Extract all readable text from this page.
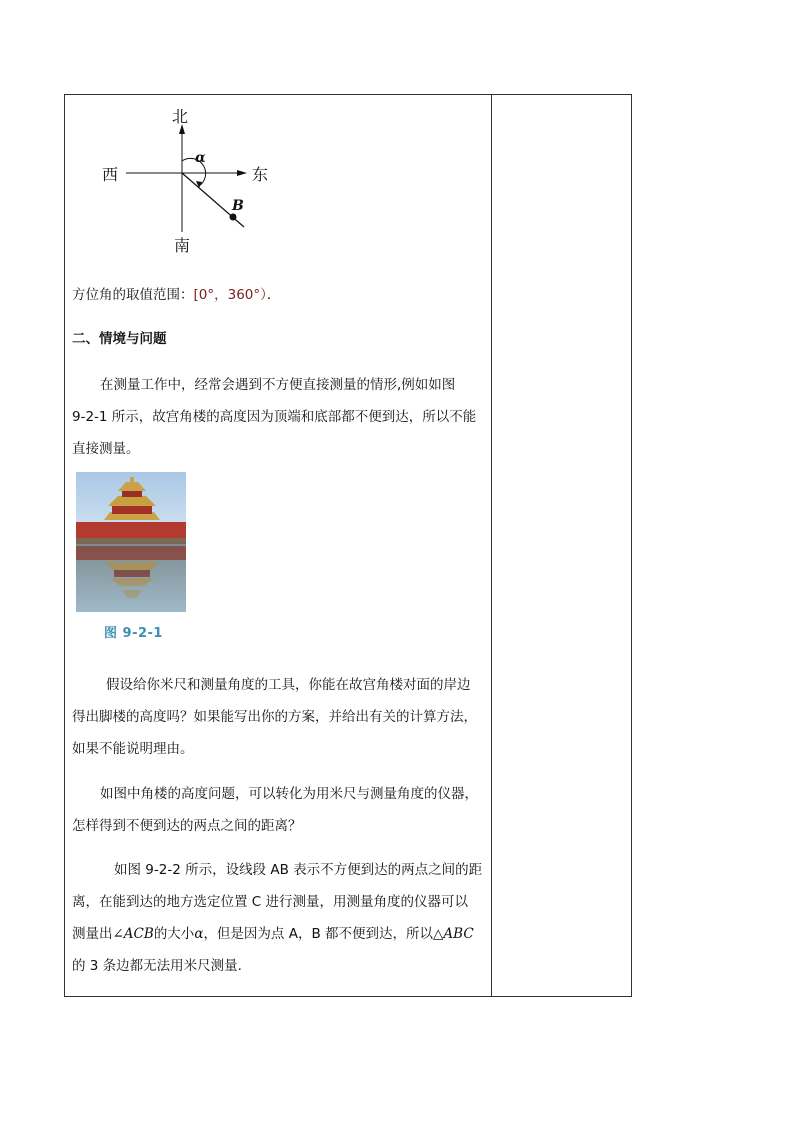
北
西	东
南
α
B

方位角的取值范围：[0°，360°）．

二、情境与问题

在测量工作中，经常会遇到不方便直接测量的情形,例如如图
9-2-1 所示，故宫角楼的高度因为顶端和底部都不便到达，所以不能
直接测量。

图 9-2-1

假设给你米尺和测量角度的工具，你能在故宫角楼对面的岸边
得出脚楼的高度吗？如果能写出你的方案，并给出有关的计算方法，
如果不能说明理由。

如图中角楼的高度问题，可以转化为用米尺与测量角度的仪器，
怎样得到不便到达的两点之间的距离？

如图 9-2-2 所示，设线段 AB 表示不方便到达的两点之间的距
离，在能到达的地方选定位置 C 进行测量，用测量角度的仪器可以
测量出∠ACB的大小α，但是因为点 A，B 都不便到达，所以△ABC
的 3 条边都无法用米尺测量.
